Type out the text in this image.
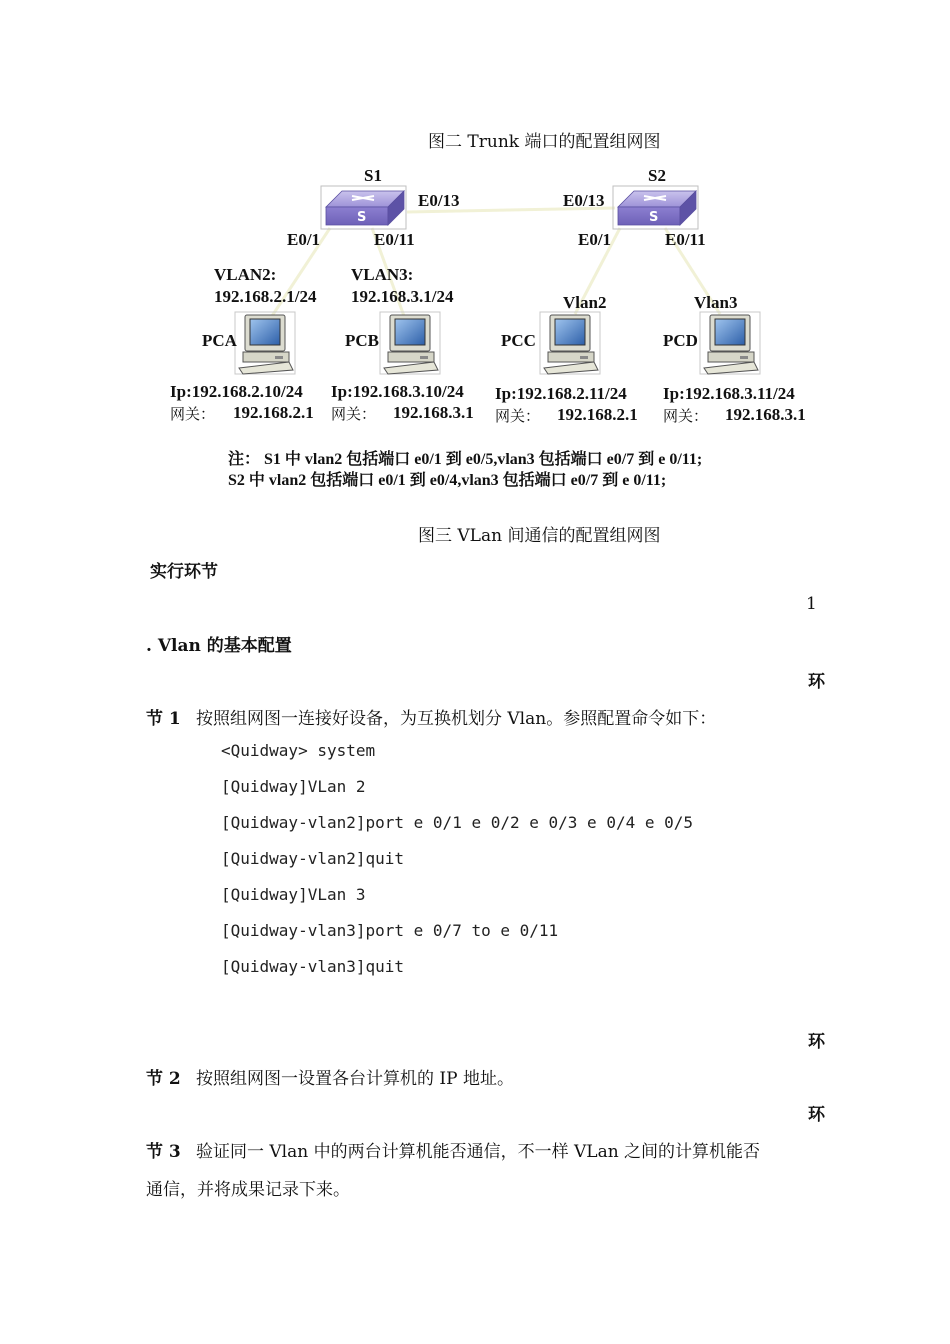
图二 Trunk 端口的配置组网图
S	S
S1	S2
E0/13	E0/13
E0/1	E0/11	E0/1	E0/11
VLAN2:
192.168.2.1/24
VLAN3:
192.168.3.1/24	Vlan2	Vlan3
PCA	PCB	PCC	PCD
Ip:192.168.2.10/24
网关： 192.168.2.1
Ip:192.168.3.10/24
网关： 192.168.3.1
Ip:192.168.2.11/24
网关： 192.168.2.1
Ip:192.168.3.11/24
网关： 192.168.3.1
注： S1 中 vlan2 包括端口 e0/1 到 e0/5,vlan3 包括端口 e0/7 到 e 0/11;
S2 中 vlan2 包括端口 e0/1 到 e0/4,vlan3 包括端口 e0/7 到 e 0/11;
图三 VLan 间通信的配置组网图
实行环节
1
. Vlan 的基本配置
环
节 1 按照组网图一连接好设备，为互换机划分 Vlan。参照配置命令如下：
<Quidway> system
[Quidway]VLan 2
[Quidway-vlan2]port e 0/1 e 0/2 e 0/3 e 0/4 e 0/5
[Quidway-vlan2]quit
[Quidway]VLan 3
[Quidway-vlan3]port e 0/7 to e 0/11
[Quidway-vlan3]quit
环
节 2 按照组网图一设置各台计算机的 IP 地址。
环
节 3 验证同一 Vlan 中的两台计算机能否通信，不一样 VLan 之间的计算机能否
通信，并将成果记录下来。
